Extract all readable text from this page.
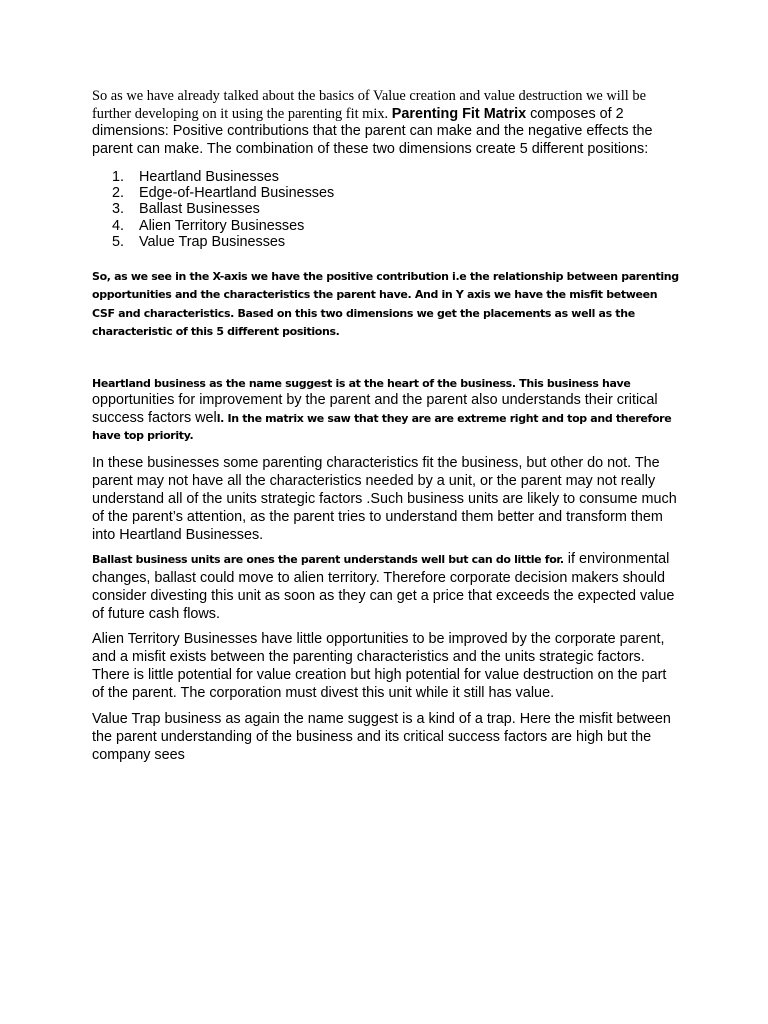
So as we have already talked about the basics of Value creation and value destruction we will be further developing on it using the parenting fit mix. Parenting Fit Matrix composes of 2 dimensions: Positive contributions that the parent can make and the negative effects the parent can make. The combination of these two dimensions create 5 different positions:

1. Heartland Businesses
2. Edge-of-Heartland Businesses
3. Ballast Businesses
4. Alien Territory Businesses
5. Value Trap Businesses

So, as we see in the X-axis we have the positive contribution i.e the relationship between parenting opportunities and the characteristics the parent have. And in Y axis we have the misfit between CSF and characteristics. Based on this two dimensions we get the placements as well as the characteristic of this 5 different positions.

Heartland business as the name suggest is at the heart of the business. This business have opportunities for improvement by the parent and the parent also understands their critical success factors well. In the matrix we saw that they are are extreme right and top and therefore have top priority.

In these businesses some parenting characteristics fit the business, but other do not. The parent may not have all the characteristics needed by a unit, or the parent may not really understand all of the units strategic factors .Such business units are likely to consume much of the parent’s attention, as the parent tries to understand them better and transform them into Heartland Businesses.

Ballast business units are ones the parent understands well but can do little for. if environmental changes, ballast could move to alien territory. Therefore corporate decision makers should consider divesting this unit as soon as they can get a price that exceeds the expected value of future cash flows.

Alien Territory Businesses have little opportunities to be improved by the corporate parent, and a misfit exists between the parenting characteristics and the units strategic factors. There is little potential for value creation but high potential for value destruction on the part of the parent. The corporation must divest this unit while it still has value.

Value Trap business as again the name suggest is a kind of a trap. Here the misfit between the parent understanding of the business and its critical success factors are high but the company sees
